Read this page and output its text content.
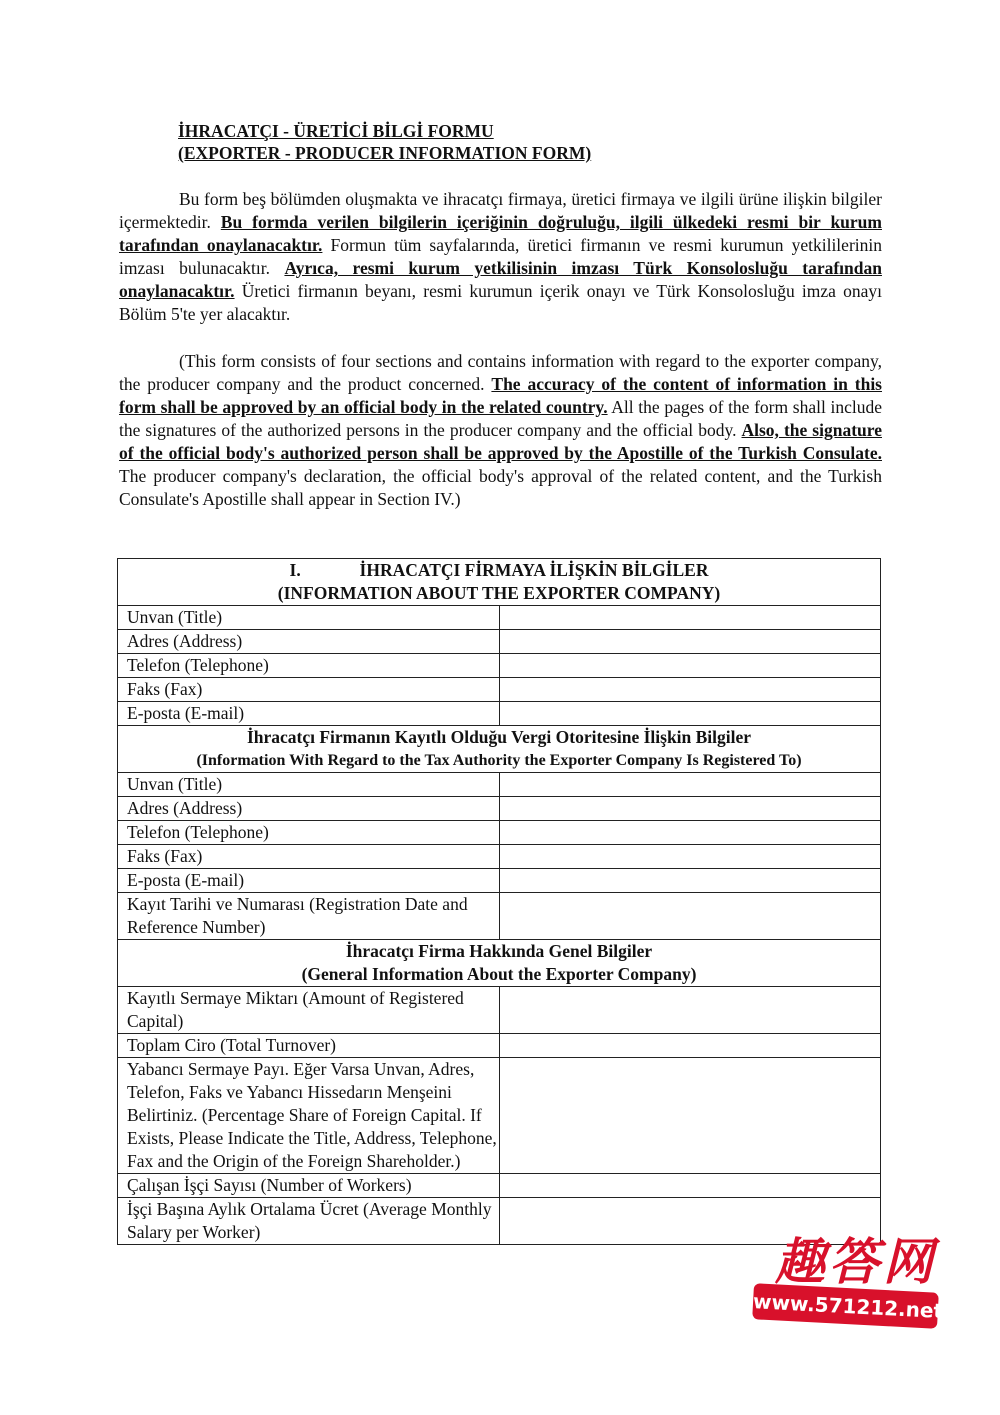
İHRACATÇI - ÜRETİCİ BİLGİ FORMU
(EXPORTER - PRODUCER INFORMATION FORM)

Bu form beş bölümden oluşmakta ve ihracatçı firmaya, üretici firmaya ve ilgili ürüne ilişkin bilgiler içermektedir. Bu formda verilen bilgilerin içeriğinin doğruluğu, ilgili ülkedeki resmi bir kurum tarafından onaylanacaktır. Formun tüm sayfalarında, üretici firmanın ve resmi kurumun yetkililerinin imzası bulunacaktır. Ayrıca, resmi kurum yetkilisinin imzası Türk Konsolosluğu tarafından onaylanacaktır. Üretici firmanın beyanı, resmi kurumun içerik onayı ve Türk Konsolosluğu imza onayı Bölüm 5'te yer alacaktır.

(This form consists of four sections and contains information with regard to the exporter company, the producer company and the product concerned. The accuracy of the content of information in this form shall be approved by an official body in the related country. All the pages of the form shall include the signatures of the authorized persons in the producer company and the official body. Also, the signature of the official body's authorized person shall be approved by the Apostille of the Turkish Consulate. The producer company's declaration, the official body's approval of the related content, and the Turkish Consulate's Apostille shall appear in Section IV.)

I. İHRACATÇI FİRMAYA İLİŞKİN BİLGİLER
(INFORMATION ABOUT THE EXPORTER COMPANY)	

Unvan (Title)	
Adres (Address)	
Telefon (Telephone)	
Faks (Fax)	
E-posta (E-mail)	

İhracatçı Firmanın Kayıtlı Olduğu Vergi Otoritesine İlişkin Bilgiler
(Information With Regard to the Tax Authority the Exporter Company Is Registered To)	

Unvan (Title)	
Adres (Address)	
Telefon (Telephone)	
Faks (Fax)	
E-posta (E-mail)	
Kayıt Tarihi ve Numarası (Registration Date and Reference Number)	

İhracatçı Firma Hakkında Genel Bilgiler
(General Information About the Exporter Company)	

Kayıtlı Sermaye Miktarı (Amount of Registered Capital)	
Toplam Ciro (Total Turnover)	
Yabancı Sermaye Payı. Eğer Varsa Unvan, Adres, Telefon, Faks ve Yabancı Hissedarın Menşeini Belirtiniz. (Percentage Share of Foreign Capital. If Exists, Please Indicate the Title, Address, Telephone, Fax and the Origin of the Foreign Shareholder.)	
Çalışan İşçi Sayısı (Number of Workers)	
İşçi Başına Aylık Ortalama Ücret (Average Monthly Salary per Worker)		趣答网
www.571212.net
